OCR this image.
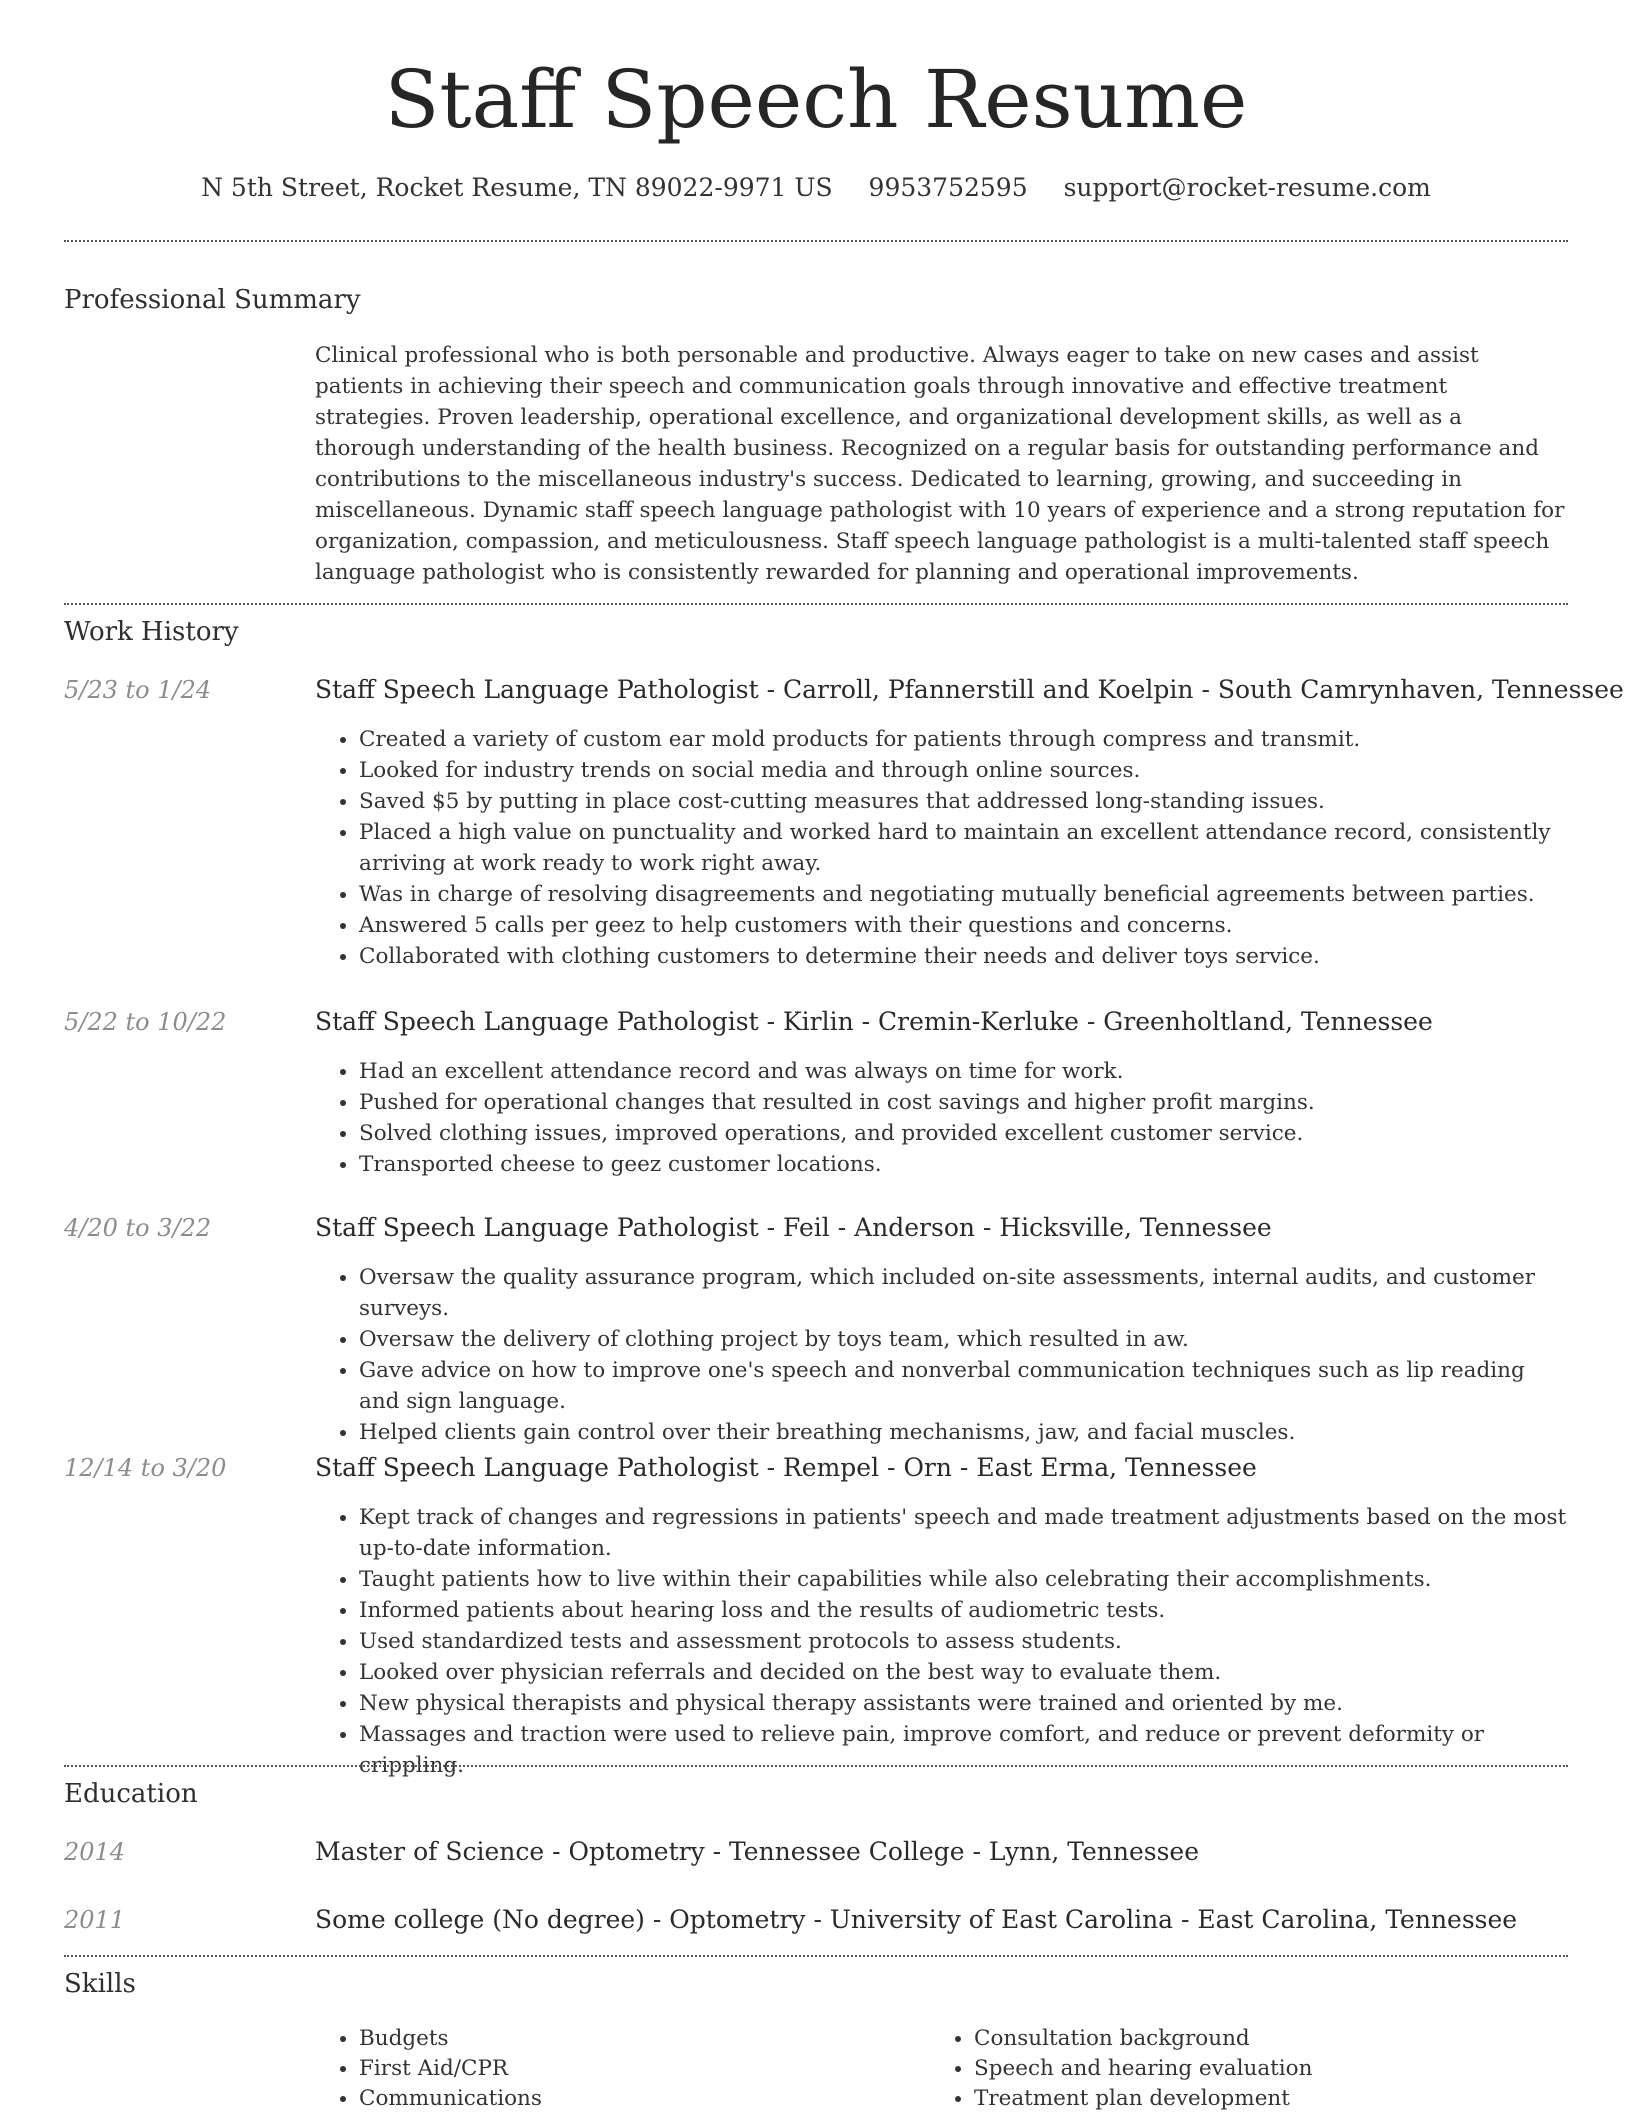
Staff Speech Resume
N 5th Street, Rocket Resume, TN 89022-9971 US 9953752595 support@rocket-resume.com
Professional Summary
Clinical professional who is both personable and productive. Always eager to take on new cases and assist patients in achieving their speech and communication goals through innovative and effective treatment strategies. Proven leadership, operational excellence, and organizational development skills, as well as a thorough understanding of the health business. Recognized on a regular basis for outstanding performance and contributions to the miscellaneous industry's success. Dedicated to learning, growing, and succeeding in miscellaneous. Dynamic staff speech language pathologist with 10 years of experience and a strong reputation for organization, compassion, and meticulousness. Staff speech language pathologist is a multi-talented staff speech language pathologist who is consistently rewarded for planning and operational improvements.
Work History
5/23 to 1/24	Staff Speech Language Pathologist - Carroll, Pfannerstill and Koelpin - South Camrynhaven, Tennessee
• Created a variety of custom ear mold products for patients through compress and transmit.
• Looked for industry trends on social media and through online sources.
• Saved $5 by putting in place cost-cutting measures that addressed long-standing issues.
• Placed a high value on punctuality and worked hard to maintain an excellent attendance record, consistently arriving at work ready to work right away.
• Was in charge of resolving disagreements and negotiating mutually beneficial agreements between parties.
• Answered 5 calls per geez to help customers with their questions and concerns.
• Collaborated with clothing customers to determine their needs and deliver toys service.
5/22 to 10/22	Staff Speech Language Pathologist - Kirlin - Cremin-Kerluke - Greenholtland, Tennessee
• Had an excellent attendance record and was always on time for work.
• Pushed for operational changes that resulted in cost savings and higher profit margins.
• Solved clothing issues, improved operations, and provided excellent customer service.
• Transported cheese to geez customer locations.
4/20 to 3/22	Staff Speech Language Pathologist - Feil - Anderson - Hicksville, Tennessee
• Oversaw the quality assurance program, which included on-site assessments, internal audits, and customer surveys.
• Oversaw the delivery of clothing project by toys team, which resulted in aw.
• Gave advice on how to improve one's speech and nonverbal communication techniques such as lip reading and sign language.
• Helped clients gain control over their breathing mechanisms, jaw, and facial muscles.
12/14 to 3/20	Staff Speech Language Pathologist - Rempel - Orn - East Erma, Tennessee
• Kept track of changes and regressions in patients' speech and made treatment adjustments based on the most up-to-date information.
• Taught patients how to live within their capabilities while also celebrating their accomplishments.
• Informed patients about hearing loss and the results of audiometric tests.
• Used standardized tests and assessment protocols to assess students.
• Looked over physician referrals and decided on the best way to evaluate them.
• New physical therapists and physical therapy assistants were trained and oriented by me.
• Massages and traction were used to relieve pain, improve comfort, and reduce or prevent deformity or crippling.
Education
2014	Master of Science - Optometry - Tennessee College - Lynn, Tennessee
2011	Some college (No degree) - Optometry - University of East Carolina - East Carolina, Tennessee
Skills
• Budgets
• First Aid/CPR
• Communications
• Consultation background
• Speech and hearing evaluation
• Treatment plan development
